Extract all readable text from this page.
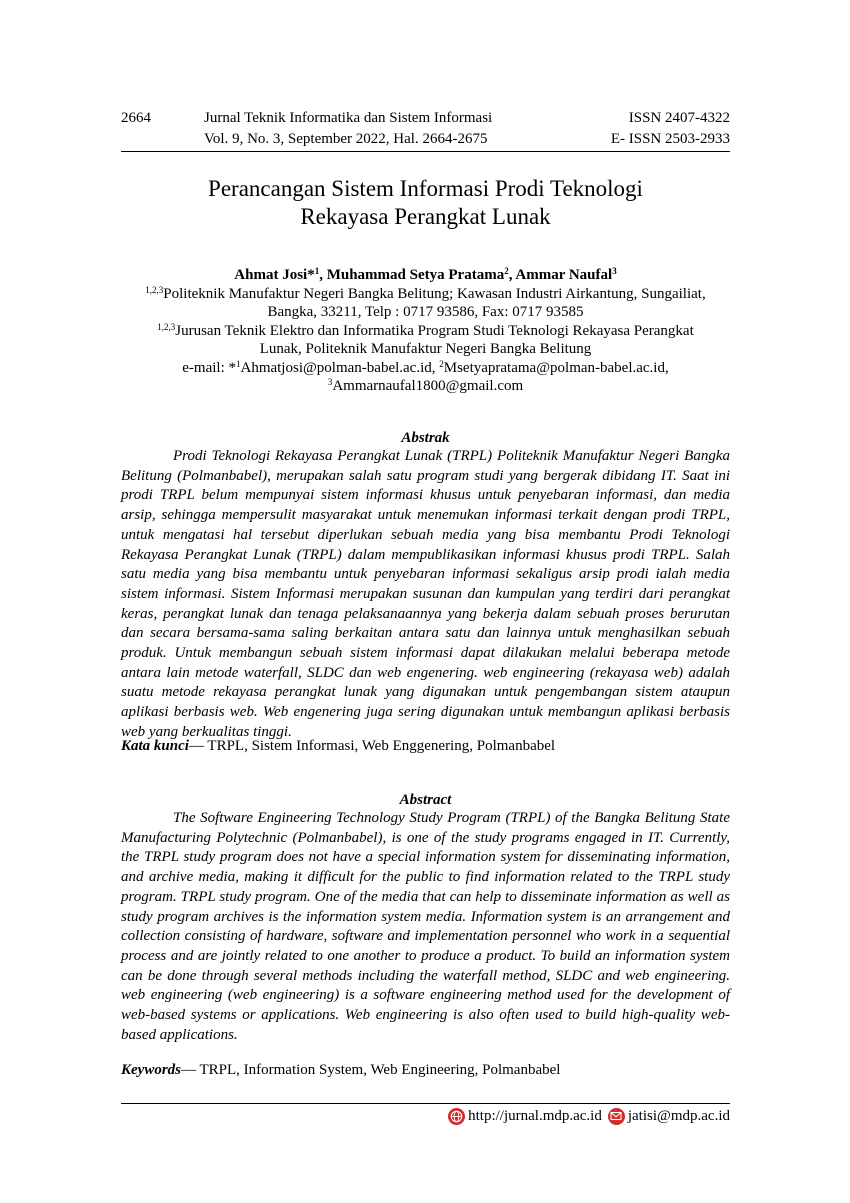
2664	Jurnal Teknik Informatika dan Sistem Informasi
Vol. 9, No. 3, September 2022, Hal. 2664-2675
ISSN 2407-4322
E- ISSN 2503-2933
Perancangan Sistem Informasi Prodi Teknologi
Rekayasa Perangkat Lunak
Ahmat Josi*$^1$, Muhammad Setya Pratama$^2$, Ammar Naufal$^3$
$^{1,2,3}$Politeknik Manufaktur Negeri Bangka Belitung; Kawasan Industri Airkantung, Sungailiat,
Bangka, 33211, Telp : 0717 93586, Fax: 0717 93585
$^{1,2,3}$Jurusan Teknik Elektro dan Informatika Program Studi Teknologi Rekayasa Perangkat
Lunak, Politeknik Manufaktur Negeri Bangka Belitung
e-mail: *$^1$Ahmatjosi@polman-babel.ac.id, $^2$Msetyapratama@polman-babel.ac.id,
$^3$Ammarnaufal1800@gmail.com
Abstrak

Prodi Teknologi Rekayasa Perangkat Lunak (TRPL) Politeknik Manufaktur Negeri Bangka Belitung (Polmanbabel), merupakan salah satu program studi yang bergerak dibidang IT. Saat ini prodi TRPL belum mempunyai sistem informasi khusus untuk penyebaran informasi, dan media arsip, sehingga mempersulit masyarakat untuk menemukan informasi terkait dengan prodi TRPL, untuk mengatasi hal tersebut diperlukan sebuah media yang bisa membantu Prodi Teknologi Rekayasa Perangkat Lunak (TRPL) dalam mempublikasikan informasi khusus prodi TRPL. Salah satu media yang bisa membantu untuk penyebaran informasi sekaligus arsip prodi ialah media sistem informasi. Sistem Informasi merupakan susunan dan kumpulan yang terdiri dari perangkat keras, perangkat lunak dan tenaga pelaksanaannya yang bekerja dalam sebuah proses berurutan dan secara bersama-sama saling berkaitan antara satu dan lainnya untuk menghasilkan sebuah produk. Untuk membangun sebuah sistem informasi dapat dilakukan melalui beberapa metode antara lain metode waterfall, SLDC dan web engenering. web engineering (rekayasa web) adalah suatu metode rekayasa perangkat lunak yang digunakan untuk pengembangan sistem ataupun aplikasi berbasis web. Web engenering juga sering digunakan untuk membangun aplikasi berbasis web yang berkualitas tinggi.

Kata kunci— TRPL, Sistem Informasi, Web Enggenering, Polmanbabel
Abstract

The Software Engineering Technology Study Program (TRPL) of the Bangka Belitung State Manufacturing Polytechnic (Polmanbabel), is one of the study programs engaged in IT. Currently, the TRPL study program does not have a special information system for disseminating information, and archive media, making it difficult for the public to find information related to the TRPL study program. TRPL study program. One of the media that can help to disseminate information as well as study program archives is the information system media. Information system is an arrangement and collection consisting of hardware, software and implementation personnel who work in a sequential process and are jointly related to one another to produce a product. To build an information system can be done through several methods including the waterfall method, SLDC and web engineering. web engineering (web engineering) is a software engineering method used for the development of web-based systems or applications. Web engineering is also often used to build high-quality web-based applications.

Keywords— TRPL, Information System, Web Engineering, Polmanbabel
http://jurnal.mdp.ac.id jatisi@mdp.ac.id
